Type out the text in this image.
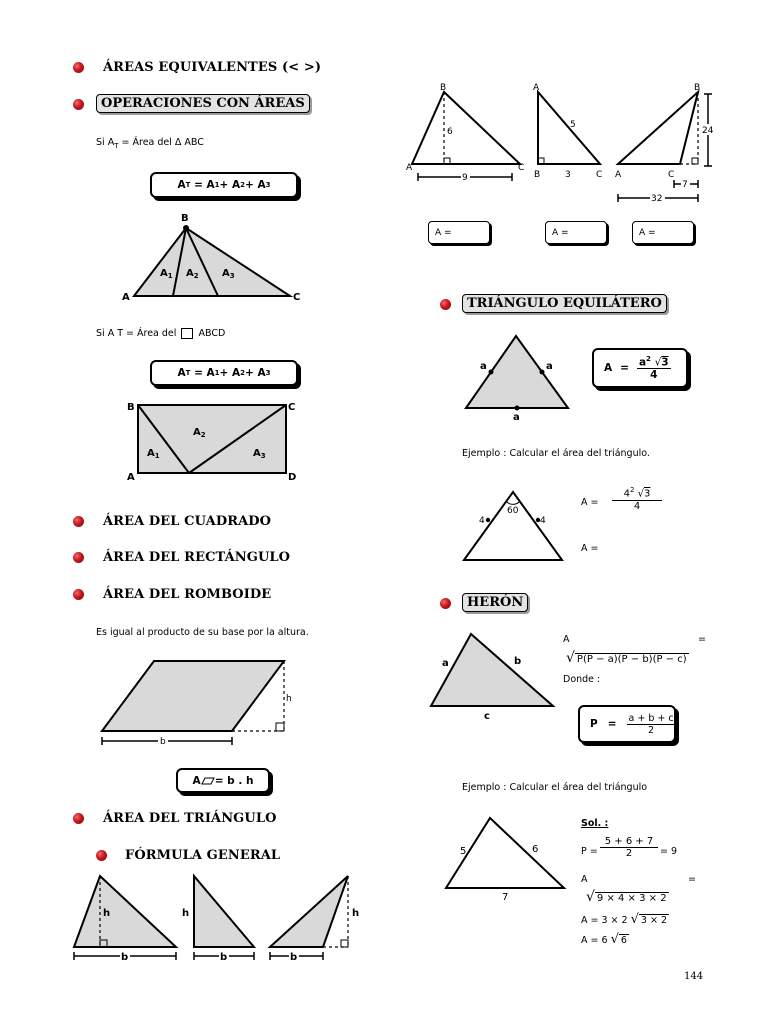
ÁREAS EQUIVALENTES (< >)
OPERACIONES CON ÁREAS
Si $A_T$ = Área del Δ ABC
A T
= A 1 + A 2 + A 3
B
A	C
$A_1$ $A_2$ $A_3$
Si A T = Área del ABCD
A T
= A 1 + A 2 + A 3
B	C
A	D
$A_1$
$A_2$
$A_3$
ÁREA DEL CUADRADO
ÁREA DEL RECTÁNGULO
ÁREA DEL ROMBOIDE
Es igual al producto de su base por la altura.
h
b
A = b . h
ÁREA DEL TRIÁNGULO
FÓRMULA GENERAL
h
b
h
b
h
b
B
A	C
6
9
A
B	C
5
3
B
A	C
24
7
32
A =	A =	A =
TRIÁNGULO EQUILÁTERO
a	a
a
$A = \frac{a^2 √3}{4}$
Ejemplo : Calcular el área del triángulo.
4	4
60
A =
$4^2$ √3
4
A =
HERÓN
a	b
c
A	=
√ P(P − a)(P − b)(P − c)
Donde :
$P = \frac{a + b + c}{2}$
Ejemplo : Calcular el área del triángulo
5	6
7
Sol. :
P =
5 + 6 + 7
2	= 9
A	=
√ 9 × 4 × 3 × 2
A = 3 × 2 √ 3 × 2
A = 6 √ 6
144
